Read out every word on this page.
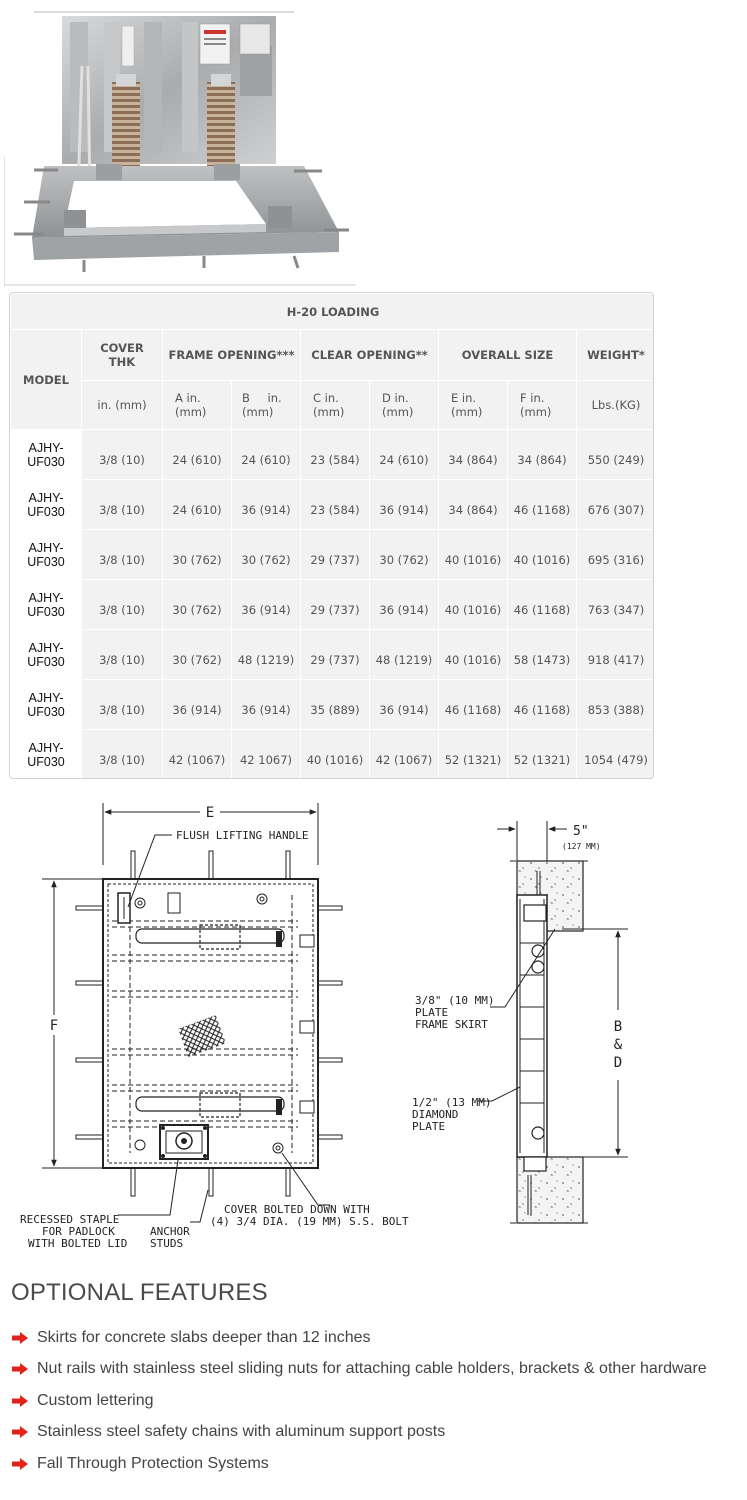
H-20 LOADING								
MODEL	COVER THK	FRAME OPENING***		CLEAR OPENING**		OVERALL SIZE		WEIGHT*
	in. (mm)	A in. (mm)	B in. (mm)	C in. (mm)	D in. (mm)	E in. (mm)	F in. (mm)	Lbs.(KG)

AJHY-UF030	3/8 (10)	24 (610)	24 (610)	23 (584)	24 (610)	34 (864)	34 (864)	550 (249)

AJHY-UF030	3/8 (10)	24 (610)	36 (914)	23 (584)	36 (914)	34 (864)	46 (1168)	676 (307)

AJHY-UF030	3/8 (10)	30 (762)	30 (762)	29 (737)	30 (762)	40 (1016)	40 (1016)	695 (316)

AJHY-UF030	3/8 (10)	30 (762)	36 (914)	29 (737)	36 (914)	40 (1016)	46 (1168)	763 (347)

AJHY-UF030	3/8 (10)	30 (762)	48 (1219)	29 (737)	48 (1219)	40 (1016)	58 (1473)	918 (417)

AJHY-UF030	3/8 (10)	36 (914)	36 (914)	35 (889)	36 (914)	46 (1168)	46 (1168)	853 (388)

AJHY-UF030	3/8 (10)	42 (1067)	42 1067)	40 (1016)	42 (1067)	52 (1321)	52 (1321)	1054 (479)
E
F
FLUSH LIFTING HANDLE
RECESSED STAPLE
FOR PADLOCK
WITH BOLTED LID
ANCHOR
STUDS
COVER BOLTED DOWN WITH
(4) 3/4 DIA. (19 MM) S.S. BOLT
5"
(127 MM)
B
&
D
3/8" (10 MM)
PLATE
FRAME SKIRT
1/2" (13 MM)
DIAMOND
PLATE
OPTIONAL FEATURES
Skirts for concrete slabs deeper than 12 inches
Nut rails with stainless steel sliding nuts for attaching cable holders, brackets & other hardware
Custom lettering
Stainless steel safety chains with aluminum support posts
Fall Through Protection Systems
